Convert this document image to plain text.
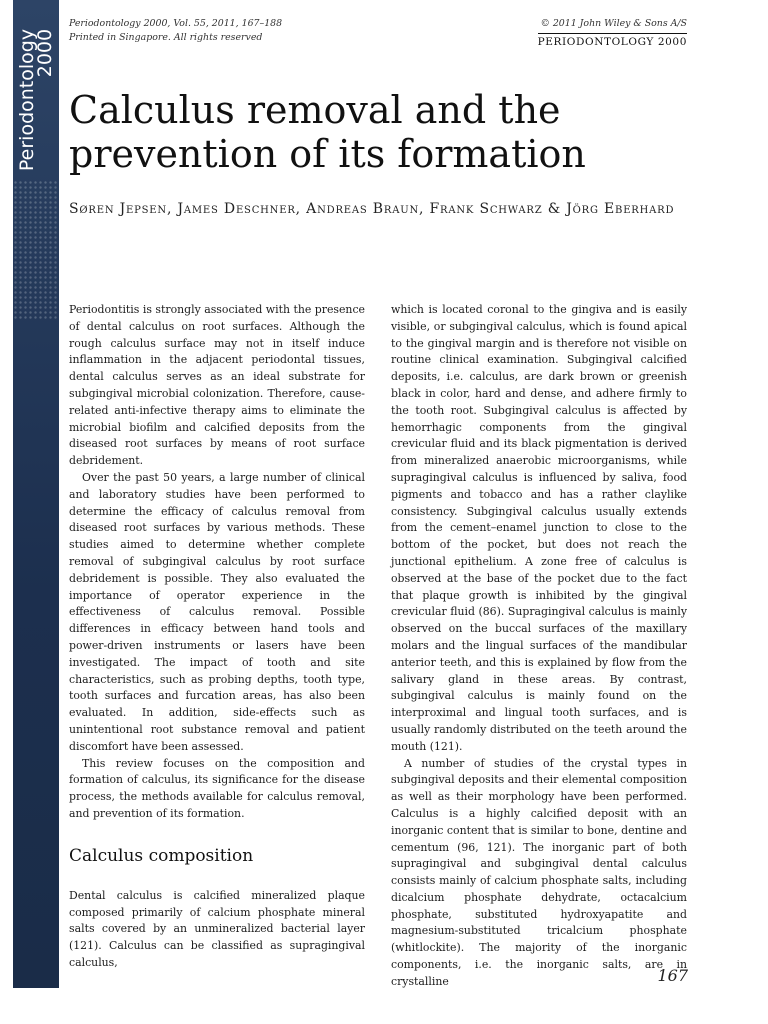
Periodontology
2000
Periodontology 2000, Vol. 55, 2011, 167–188
Printed in Singapore. All rights reserved
© 2011 John Wiley & Sons A/S
PERIODONTOLOGY 2000
Calculus removal and the prevention of its formation

Søren Jepsen, James Deschner, Andreas Braun, Frank Schwarz & Jörg Eberhard

Periodontitis is strongly associated with the presence of dental calculus on root surfaces. Although the rough calculus surface may not in itself induce inflammation in the adjacent periodontal tissues, dental calculus serves as an ideal substrate for subgingival microbial colonization. Therefore, cause-related anti-infective therapy aims to eliminate the microbial biofilm and calcified deposits from the diseased root surfaces by means of root surface debridement.

Over the past 50 years, a large number of clinical and laboratory studies have been performed to determine the efficacy of calculus removal from diseased root surfaces by various methods. These studies aimed to determine whether complete removal of subgingival calculus by root surface debridement is possible. They also evaluated the importance of operator experience in the effectiveness of calculus removal. Possible differences in efficacy between hand tools and power-driven instruments or lasers have been investigated. The impact of tooth and site characteristics, such as probing depths, tooth type, tooth surfaces and furcation areas, has also been evaluated. In addition, side-effects such as unintentional root substance removal and patient discomfort have been assessed.

This review focuses on the composition and formation of calculus, its significance for the disease process, the methods available for calculus removal, and prevention of its formation.

Calculus composition

Dental calculus is calcified mineralized plaque composed primarily of calcium phosphate mineral salts covered by an unmineralized bacterial layer (121). Calculus can be classified as supragingival calculus,

which is located coronal to the gingiva and is easily visible, or subgingival calculus, which is found apical to the gingival margin and is therefore not visible on routine clinical examination. Subgingival calcified deposits, i.e. calculus, are dark brown or greenish black in color, hard and dense, and adhere firmly to the tooth root. Subgingival calculus is affected by hemorrhagic components from the gingival crevicular fluid and its black pigmentation is derived from mineralized anaerobic microorganisms, while supragingival calculus is influenced by saliva, food pigments and tobacco and has a rather claylike consistency. Subgingival calculus usually extends from the cement–enamel junction to close to the bottom of the pocket, but does not reach the junctional epithelium. A zone free of calculus is observed at the base of the pocket due to the fact that plaque growth is inhibited by the gingival crevicular fluid (86). Supragingival calculus is mainly observed on the buccal surfaces of the maxillary molars and the lingual surfaces of the mandibular anterior teeth, and this is explained by flow from the salivary gland in these areas. By contrast, subgingival calculus is mainly found on the interproximal and lingual tooth surfaces, and is usually randomly distributed on the teeth around the mouth (121).

A number of studies of the crystal types in subgingival deposits and their elemental composition as well as their morphology have been performed. Calculus is a highly calcified deposit with an inorganic content that is similar to bone, dentine and cementum (96, 121). The inorganic part of both supragingival and subgingival dental calculus consists mainly of calcium phosphate salts, including dicalcium phosphate dehydrate, octacalcium phosphate, substituted hydroxyapatite and magnesium-substituted tricalcium phosphate (whitlockite). The majority of the inorganic components, i.e. the inorganic salts, are in crystalline	167
